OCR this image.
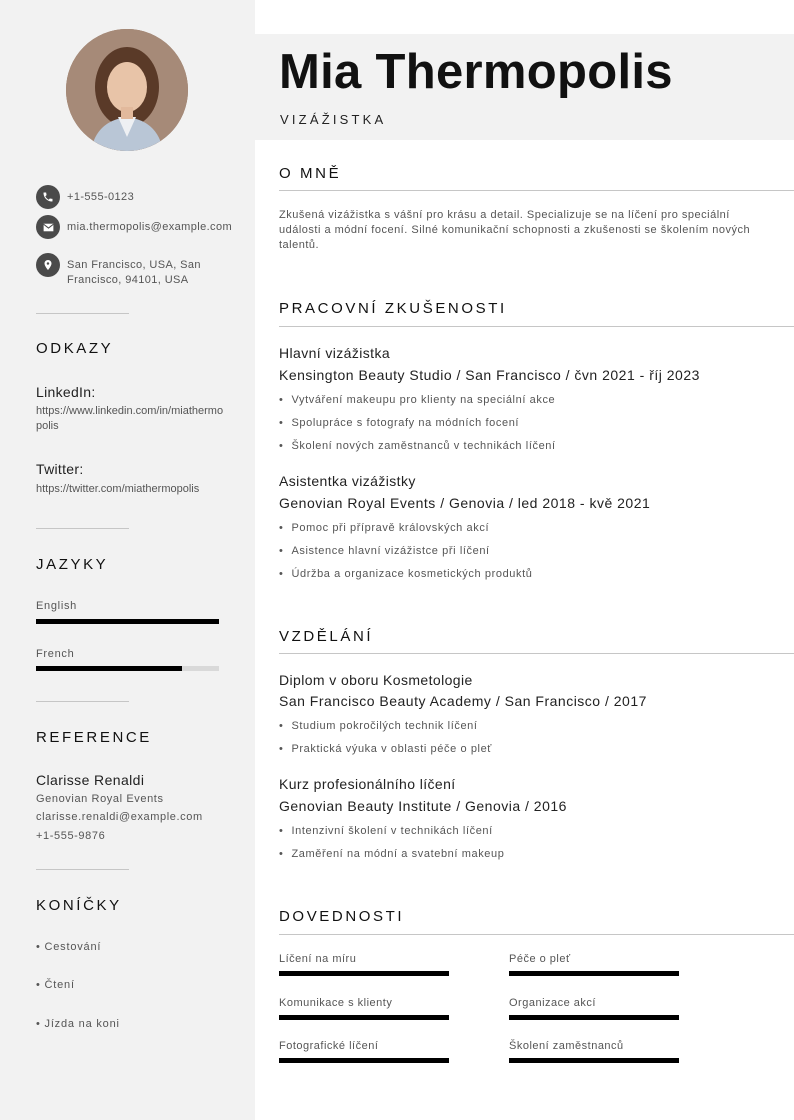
+1-555-0123
mia.thermopolis@example.com
San Francisco, USA, San Francisco, 94101, USA
ODKAZY
LinkedIn:
https://www.linkedin.com/in/miathermopolis
Twitter:
https://twitter.com/miathermopolis
JAZYKY
English
French
REFERENCE
Clarisse Renaldi
Genovian Royal Events
clarisse.renaldi@example.com
+1-555-9876
KONÍČKY
• Cestování
• Čtení
• Jízda na koni
Mia Thermopolis
VIZÁŽISTKA
O MNĚ
Zkušená vizážistka s vášní pro krásu a detail. Specializuje se na líčení pro speciální události a módní focení. Silné komunikační schopnosti a zkušenosti se školením nových talentů.
PRACOVNÍ ZKUŠENOSTI
Hlavní vizážistka
Kensington Beauty Studio / San Francisco / čvn 2021 - říj 2023
• Vytváření makeupu pro klienty na speciální akce
• Spolupráce s fotografy na módních focení
• Školení nových zaměstnanců v technikách líčení
Asistentka vizážistky
Genovian Royal Events / Genovia / led 2018 - kvě 2021
• Pomoc při přípravě královských akcí
• Asistence hlavní vizážistce při líčení
• Údržba a organizace kosmetických produktů
VZDĚLÁNÍ
Diplom v oboru Kosmetologie
San Francisco Beauty Academy / San Francisco / 2017
• Studium pokročilých technik líčení
• Praktická výuka v oblasti péče o pleť
Kurz profesionálního líčení
Genovian Beauty Institute / Genovia / 2016
• Intenzivní školení v technikách líčení
• Zaměření na módní a svatební makeup
DOVEDNOSTI
Líčení na míru	Péče o pleť
Komunikace s klienty	Organizace akcí
Fotografické líčení	Školení zaměstnanců
